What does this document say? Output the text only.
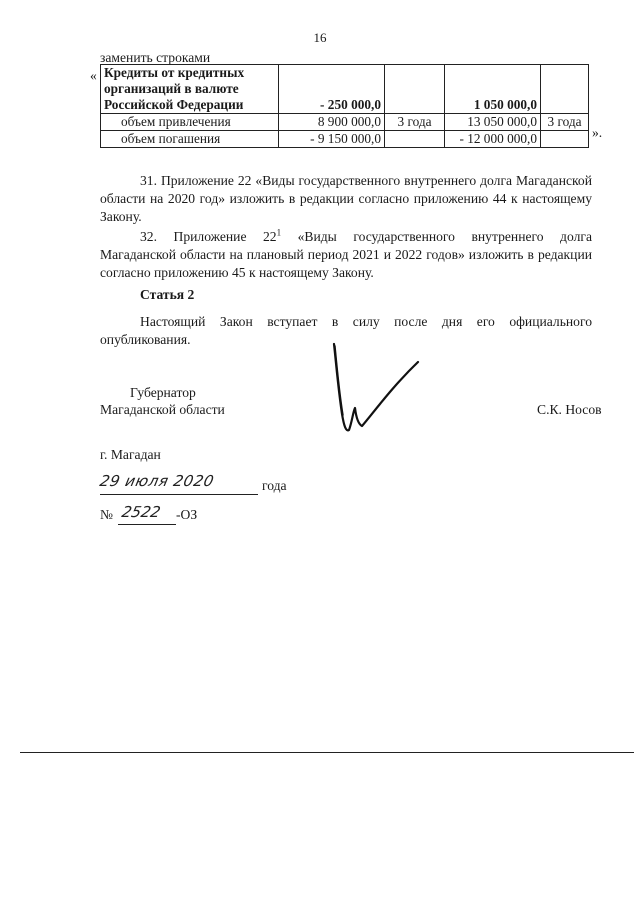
16
заменить строками
« Кредиты от кредитных организаций в валюте Российской Федерации	- 250 000,0		1 050 000,0	
объем привлечения	8 900 000,0	3 года	13 050 000,0	3 года
объем погашения	- 9 150 000,0		- 12 000 000,0		».
31. Приложение 22 «Виды государственного внутреннего долга Магаданской области на 2020 год» изложить в редакции согласно приложению 44 к настоящему Закону.
32. Приложение $22^1$ «Виды государственного внутреннего долга Магаданской области на плановый период 2021 и 2022 годов» изложить в редакции согласно приложению 45 к настоящему Закону.
Статья 2
Настоящий Закон вступает в силу после дня его официального опубликования.
Губернатор
Магаданской области	С.К. Носов
г. Магадан
29 июля 2020	года
№ 2522 -ОЗ
